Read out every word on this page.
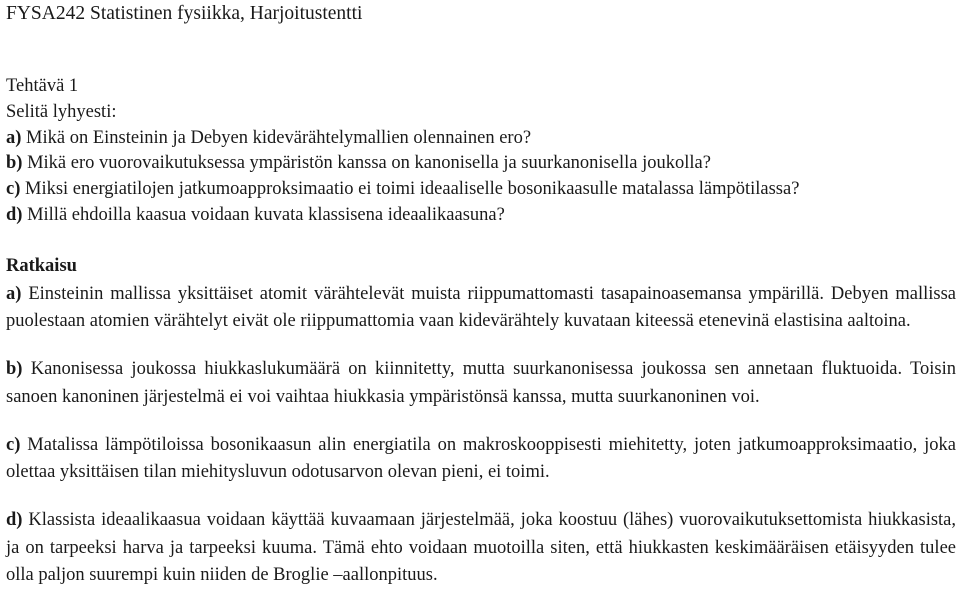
FYSA242 Statistinen fysiikka, Harjoitustentti
Tehtävä 1
Selitä lyhyesti:
a) Mikä on Einsteinin ja Debyen kidevärähtelymallien olennainen ero?
b) Mikä ero vuorovaikutuksessa ympäristön kanssa on kanonisella ja suurkanonisella joukolla?
c) Miksi energiatilojen jatkumoapproksimaatio ei toimi ideaaliselle bosonikaasulle matalassa lämpötilassa?
d) Millä ehdoilla kaasua voidaan kuvata klassisena ideaalikaasuna?
Ratkaisu

a) Einsteinin mallissa yksittäiset atomit värähtelevät muista riippumattomasti tasapainoasemansa ympärillä. Debyen mallissa puolestaan atomien värähtelyt eivät ole riippumattomia vaan kidevärähtely kuvataan kiteessä etenevinä elastisina aaltoina.

b) Kanonisessa joukossa hiukkaslukumäärä on kiinnitetty, mutta suurkanonisessa joukossa sen annetaan fluktuoida. Toisin sanoen kanoninen järjestelmä ei voi vaihtaa hiukkasia ympäristönsä kanssa, mutta suurkanoninen voi.

c) Matalissa lämpötiloissa bosonikaasun alin energiatila on makroskooppisesti miehitetty, joten jatkumoapproksimaatio, joka olettaa yksittäisen tilan miehitysluvun odotusarvon olevan pieni, ei toimi.

d) Klassista ideaalikaasua voidaan käyttää kuvaamaan järjestelmää, joka koostuu (lähes) vuorovaikutuksettomista hiukkasista, ja on tarpeeksi harva ja tarpeeksi kuuma. Tämä ehto voidaan muotoilla siten, että hiukkasten keskimääräisen etäisyyden tulee olla paljon suurempi kuin niiden de Broglie –aallonpituus.
